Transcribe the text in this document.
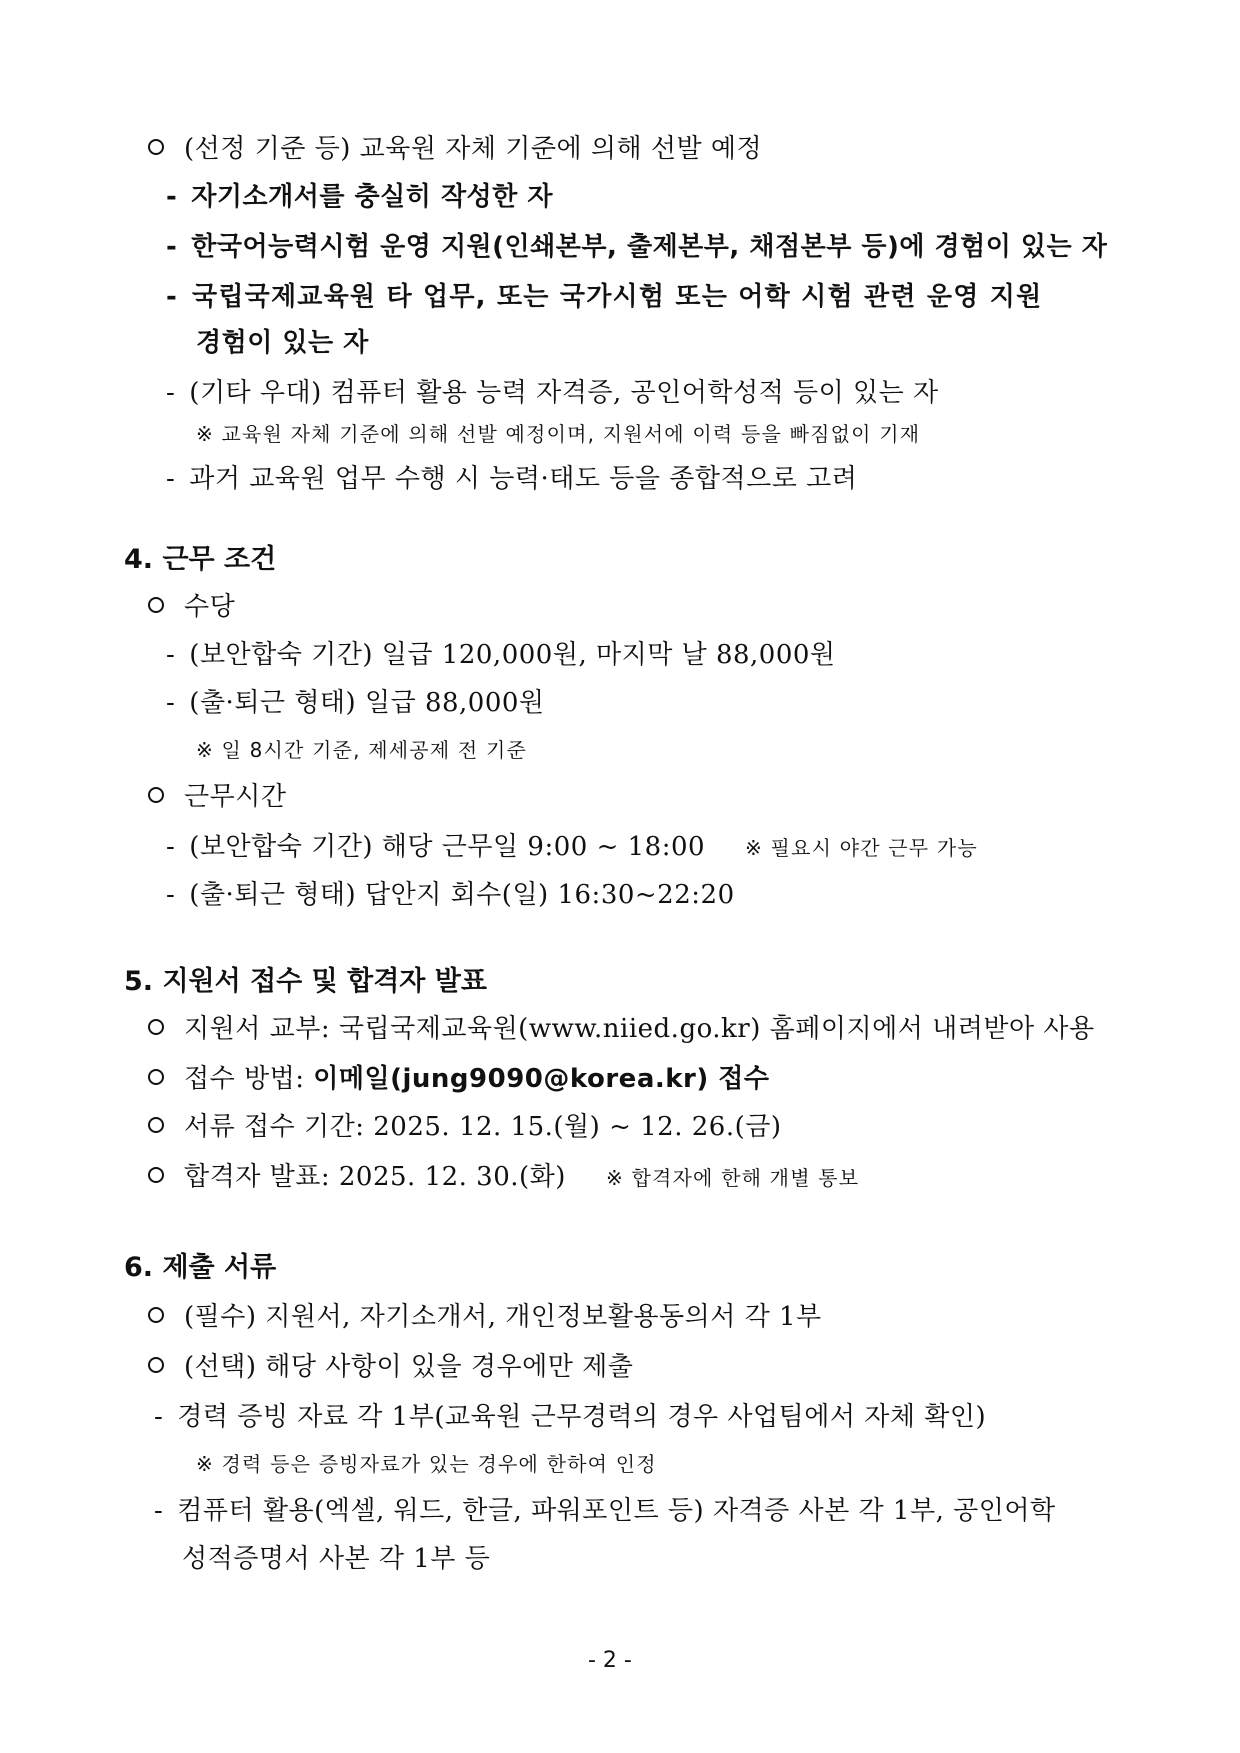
(선정 기준 등) 교육원 자체 기준에 의해 선발 예정
- 자기소개서를 충실히 작성한 자
- 한국어능력시험 운영 지원(인쇄본부, 출제본부, 채점본부 등)에 경험이 있는 자
- 국립국제교육원 타 업무, 또는 국가시험 또는 어학 시험 관련 운영 지원
경험이 있는 자
- (기타 우대) 컴퓨터 활용 능력 자격증, 공인어학성적 등이 있는 자
※ 교육원 자체 기준에 의해 선발 예정이며, 지원서에 이력 등을 빠짐없이 기재
- 과거 교육원 업무 수행 시 능력·태도 등을 종합적으로 고려
4. 근무 조건
수당
- (보안합숙 기간) 일급 120,000원, 마지막 날 88,000원
- (출·퇴근 형태) 일급 88,000원
※ 일 8시간 기준, 제세공제 전 기준
근무시간
- (보안합숙 기간) 해당 근무일 9:00 ~ 18:00 ※ 필요시 야간 근무 가능
- (출·퇴근 형태) 답안지 회수(일) 16:30~22:20
5. 지원서 접수 및 합격자 발표
지원서 교부: 국립국제교육원(www.niied.go.kr) 홈페이지에서 내려받아 사용
접수 방법: 이메일(jung9090@korea.kr) 접수
서류 접수 기간: 2025. 12. 15.(월) ~ 12. 26.(금)
합격자 발표: 2025. 12. 30.(화) ※ 합격자에 한해 개별 통보
6. 제출 서류
(필수) 지원서, 자기소개서, 개인정보활용동의서 각 1부
(선택) 해당 사항이 있을 경우에만 제출
- 경력 증빙 자료 각 1부(교육원 근무경력의 경우 사업팀에서 자체 확인)
※ 경력 등은 증빙자료가 있는 경우에 한하여 인정
- 컴퓨터 활용(엑셀, 워드, 한글, 파워포인트 등) 자격증 사본 각 1부, 공인어학
성적증명서 사본 각 1부 등
- 2 -
